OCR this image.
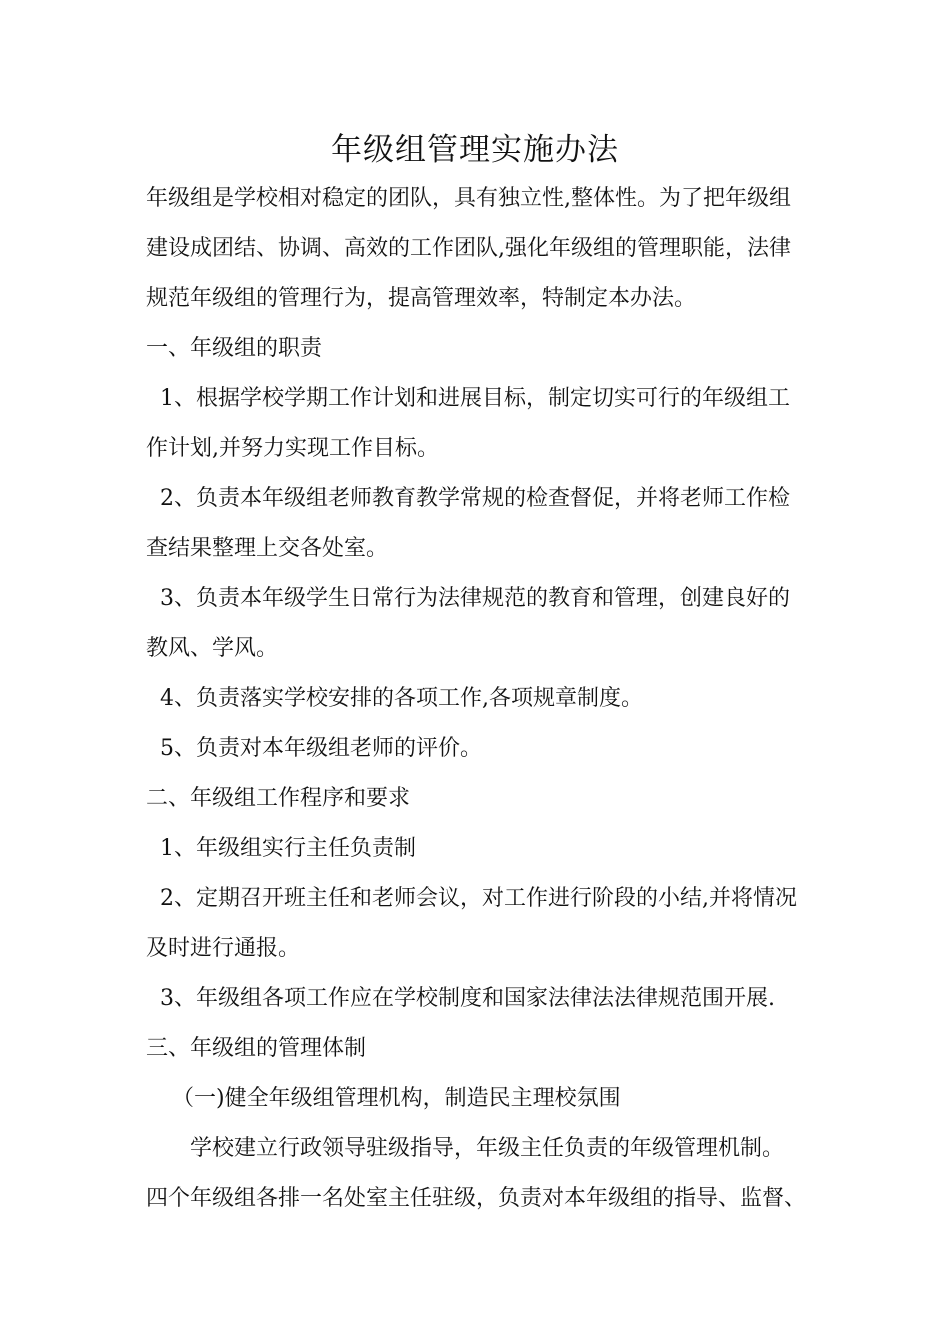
年级组管理实施办法
年级组是学校相对稳定的团队，具有独立性,整体性。为了把年级组
建设成团结、协调、高效的工作团队,强化年级组的管理职能，法律
规范年级组的管理行为，提高管理效率，特制定本办法。
一、年级组的职责
1、根据学校学期工作计划和进展目标，制定切实可行的年级组工
作计划,并努力实现工作目标。
2、负责本年级组老师教育教学常规的检查督促，并将老师工作检
查结果整理上交各处室。
3、负责本年级学生日常行为法律规范的教育和管理，创建良好的
教风、学风。
4、负责落实学校安排的各项工作,各项规章制度。
5、负责对本年级组老师的评价。
二、年级组工作程序和要求
1、年级组实行主任负责制
2、定期召开班主任和老师会议，对工作进行阶段的小结,并将情况
及时进行通报。
3、年级组各项工作应在学校制度和国家法律法法律规范围开展.
三、年级组的管理体制
（一)健全年级组管理机构，制造民主理校氛围
学校建立行政领导驻级指导，年级主任负责的年级管理机制。
四个年级组各排一名处室主任驻级，负责对本年级组的指导、监督、
